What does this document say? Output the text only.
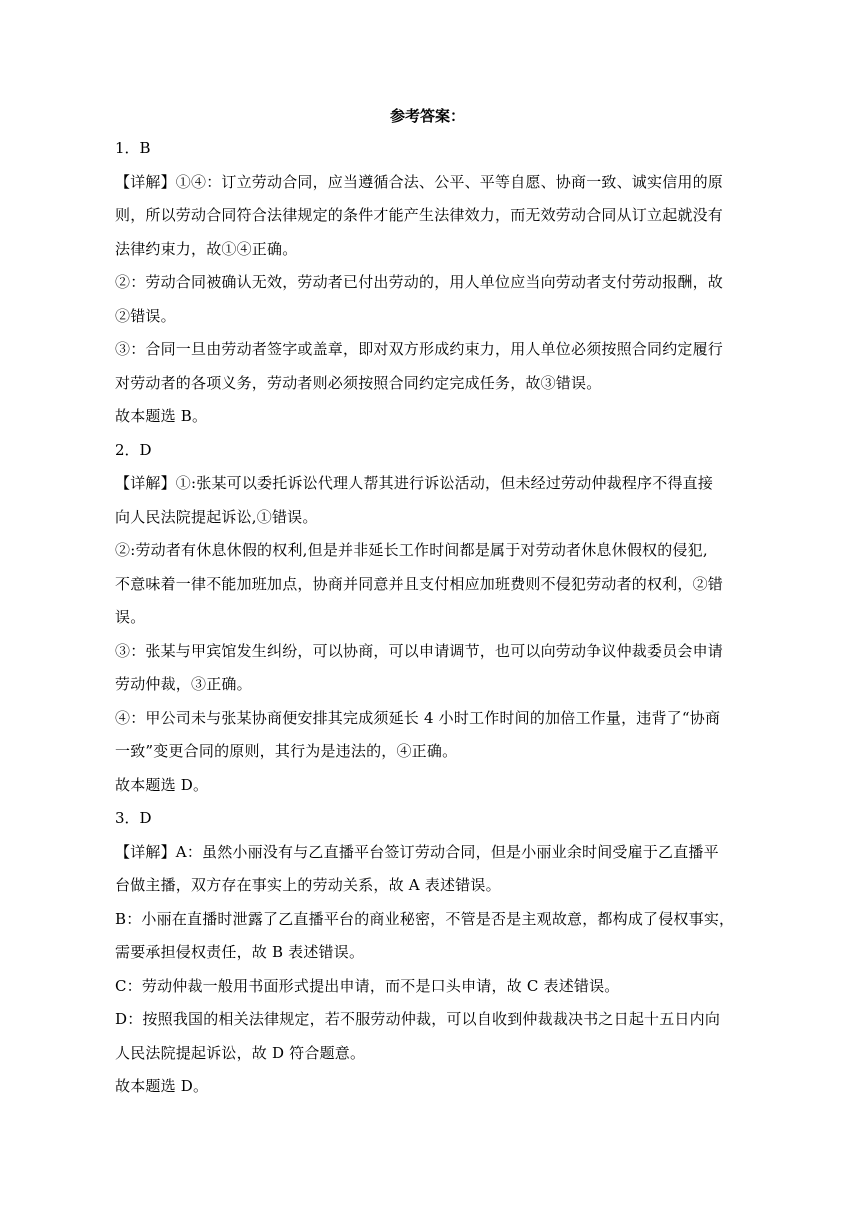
参考答案：

1．B

【详解】①④：订立劳动合同，应当遵循合法、公平、平等自愿、协商一致、诚实信用的原

则，所以劳动合同符合法律规定的条件才能产生法律效力，而无效劳动合同从订立起就没有

法律约束力，故①④正确。

②：劳动合同被确认无效，劳动者已付出劳动的，用人单位应当向劳动者支付劳动报酬，故

②错误。

③：合同一旦由劳动者签字或盖章，即对双方形成约束力，用人单位必须按照合同约定履行

对劳动者的各项义务，劳动者则必须按照合同约定完成任务，故③错误。

故本题选 B。

2．D

【详解】①:张某可以委托诉讼代理人帮其进行诉讼活动，但未经过劳动仲裁程序不得直接

向人民法院提起诉讼,①错误。

②:劳动者有休息休假的权利,但是并非延长工作时间都是属于对劳动者休息休假权的侵犯,

不意味着一律不能加班加点，协商并同意并且支付相应加班费则不侵犯劳动者的权利，②错

误。

③：张某与甲宾馆发生纠纷，可以协商，可以申请调节，也可以向劳动争议仲裁委员会申请

劳动仲裁，③正确。

④：甲公司未与张某协商便安排其完成须延长 4 小时工作时间的加倍工作量，违背了“协商

一致”变更合同的原则，其行为是违法的，④正确。

故本题选 D。

3．D

【详解】A：虽然小丽没有与乙直播平台签订劳动合同，但是小丽业余时间受雇于乙直播平

台做主播，双方存在事实上的劳动关系，故 A 表述错误。

B：小丽在直播时泄露了乙直播平台的商业秘密，不管是否是主观故意，都构成了侵权事实，

需要承担侵权责任，故 B 表述错误。

C：劳动仲裁一般用书面形式提出申请，而不是口头申请，故 C 表述错误。

D：按照我国的相关法律规定，若不服劳动仲裁，可以自收到仲裁裁决书之日起十五日内向

人民法院提起诉讼，故 D 符合题意。

故本题选 D。
